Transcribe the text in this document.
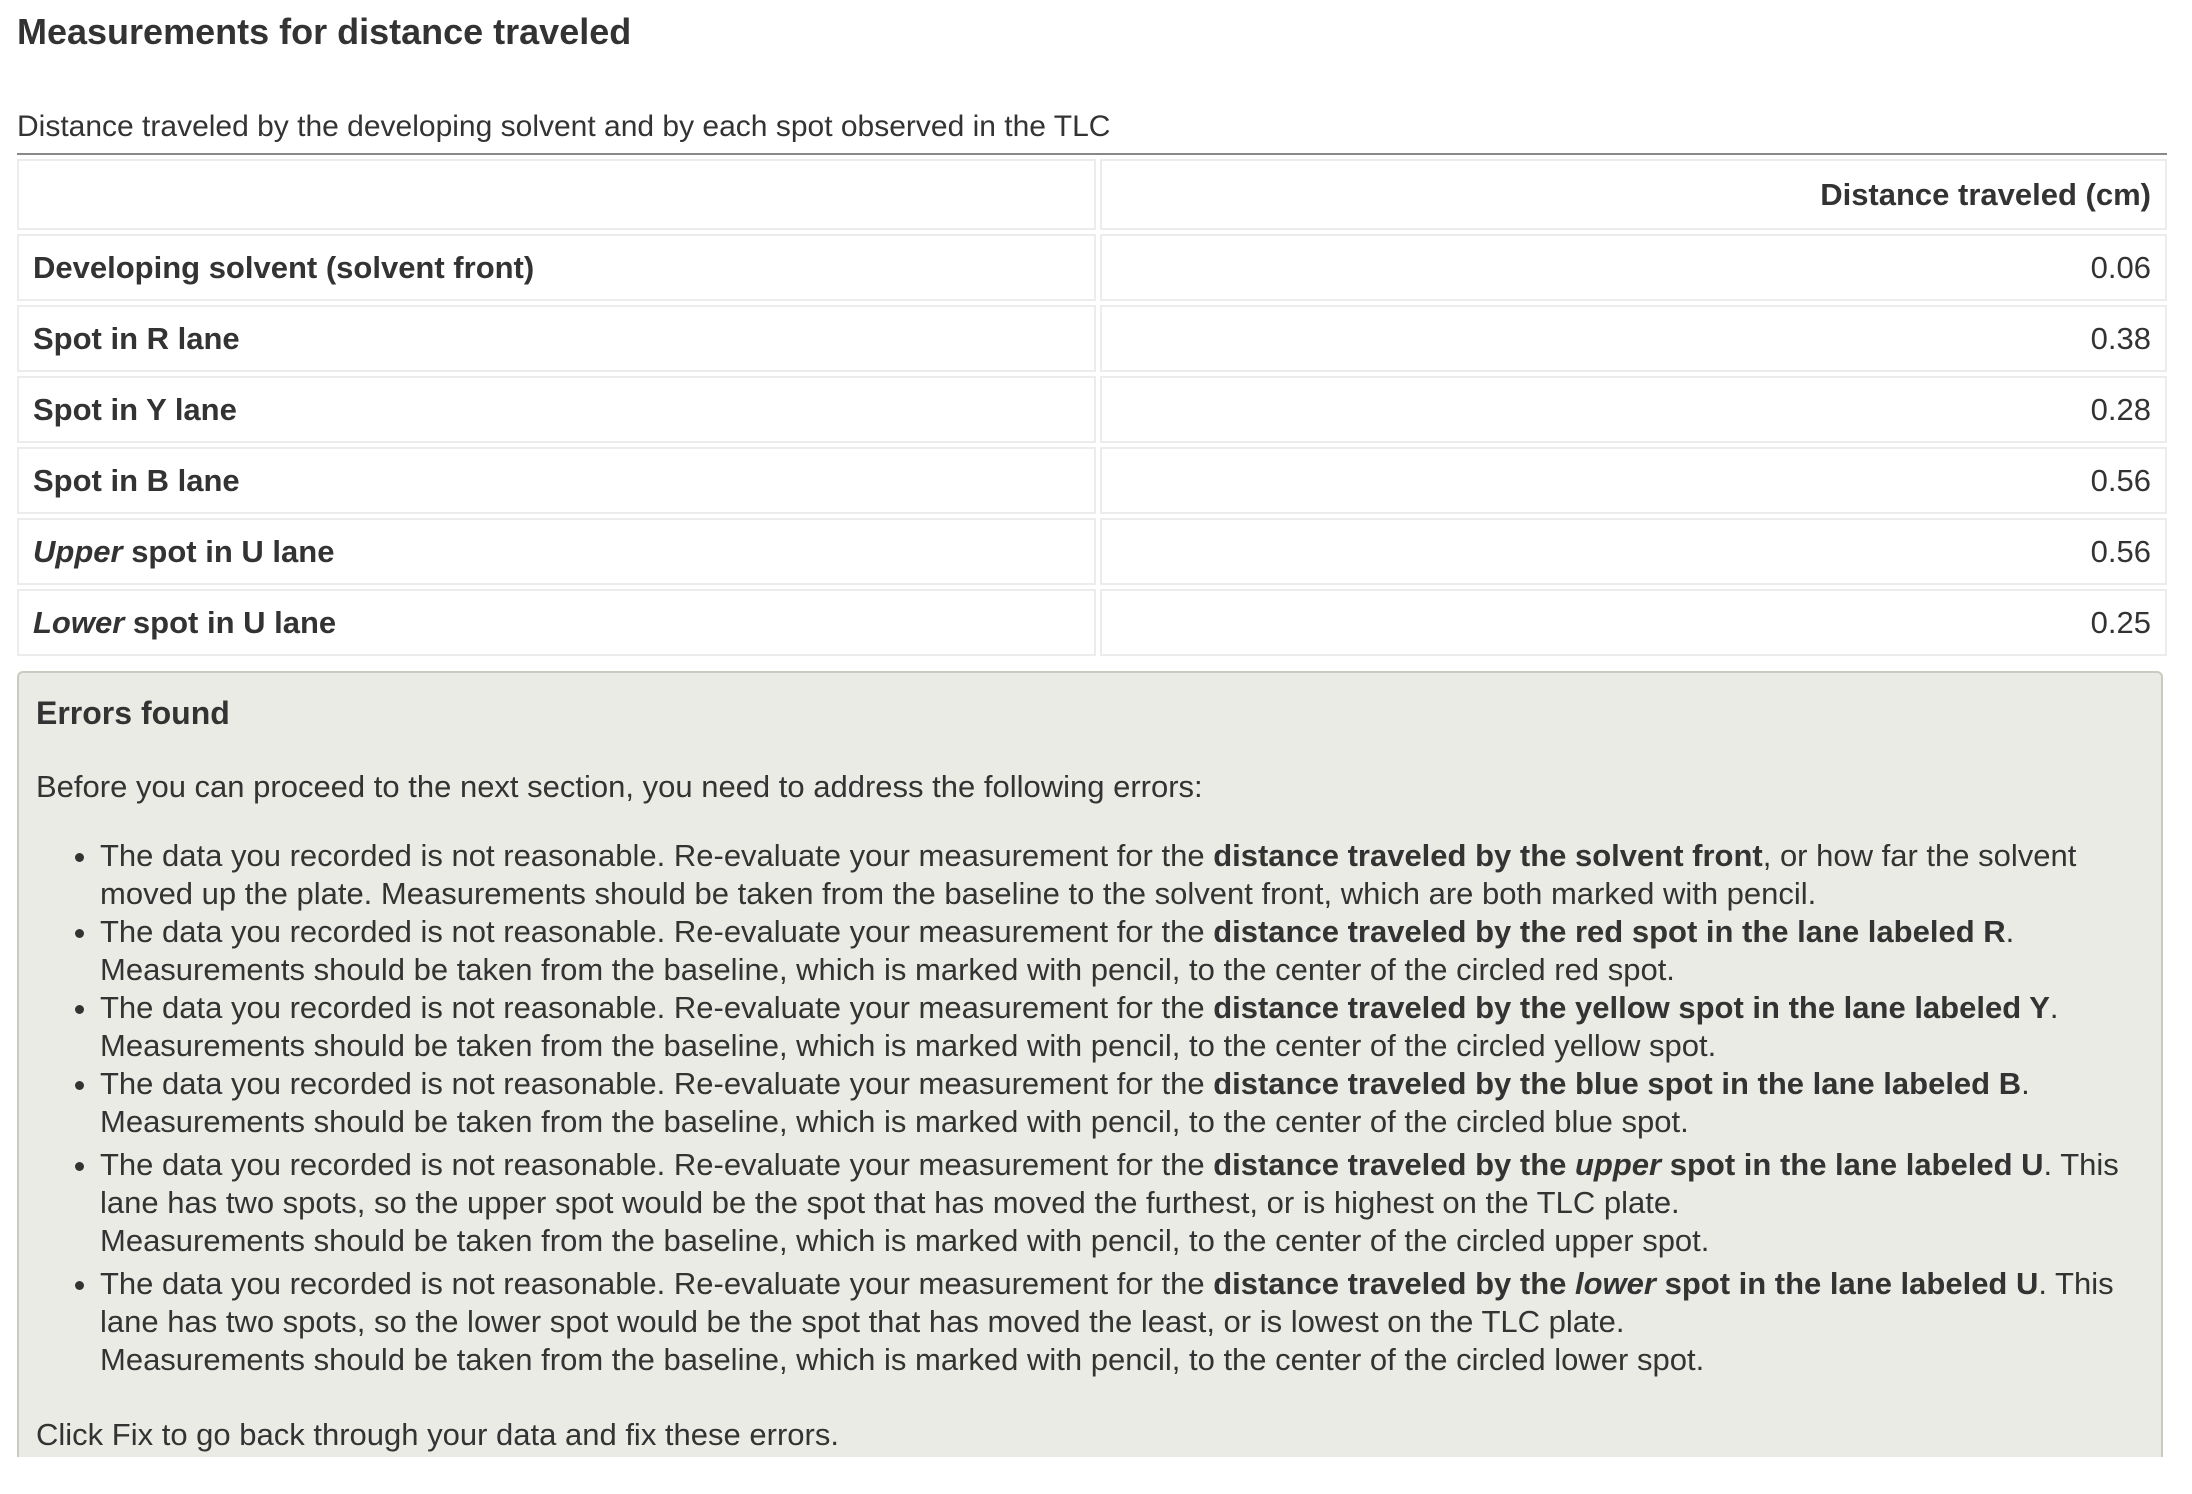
Measurements for distance traveled
Distance traveled by the developing solvent and by each spot observed in the TLC
	Distance traveled (cm)
Developing solvent (solvent front)	0.06
Spot in R lane	0.38
Spot in Y lane	0.28
Spot in B lane	0.56
Upper spot in U lane	0.56
Lower spot in U lane	0.25
Errors found
Before you can proceed to the next section, you need to address the following errors:
• The data you recorded is not reasonable. Re-evaluate your measurement for the distance traveled by the solvent front, or how far the solvent moved up the plate. Measurements should be taken from the baseline to the solvent front, which are both marked with pencil.
• The data you recorded is not reasonable. Re-evaluate your measurement for the distance traveled by the red spot in the lane labeled R. Measurements should be taken from the baseline, which is marked with pencil, to the center of the circled red spot.
• The data you recorded is not reasonable. Re-evaluate your measurement for the distance traveled by the yellow spot in the lane labeled Y. Measurements should be taken from the baseline, which is marked with pencil, to the center of the circled yellow spot.
• The data you recorded is not reasonable. Re-evaluate your measurement for the distance traveled by the blue spot in the lane labeled B. Measurements should be taken from the baseline, which is marked with pencil, to the center of the circled blue spot.
• The data you recorded is not reasonable. Re-evaluate your measurement for the distance traveled by the upper spot in the lane labeled U. This lane has two spots, so the upper spot would be the spot that has moved the furthest, or is highest on the TLC plate.
Measurements should be taken from the baseline, which is marked with pencil, to the center of the circled upper spot.
• The data you recorded is not reasonable. Re-evaluate your measurement for the distance traveled by the lower spot in the lane labeled U. This lane has two spots, so the lower spot would be the spot that has moved the least, or is lowest on the TLC plate.
Measurements should be taken from the baseline, which is marked with pencil, to the center of the circled lower spot.
Click Fix to go back through your data and fix these errors.
